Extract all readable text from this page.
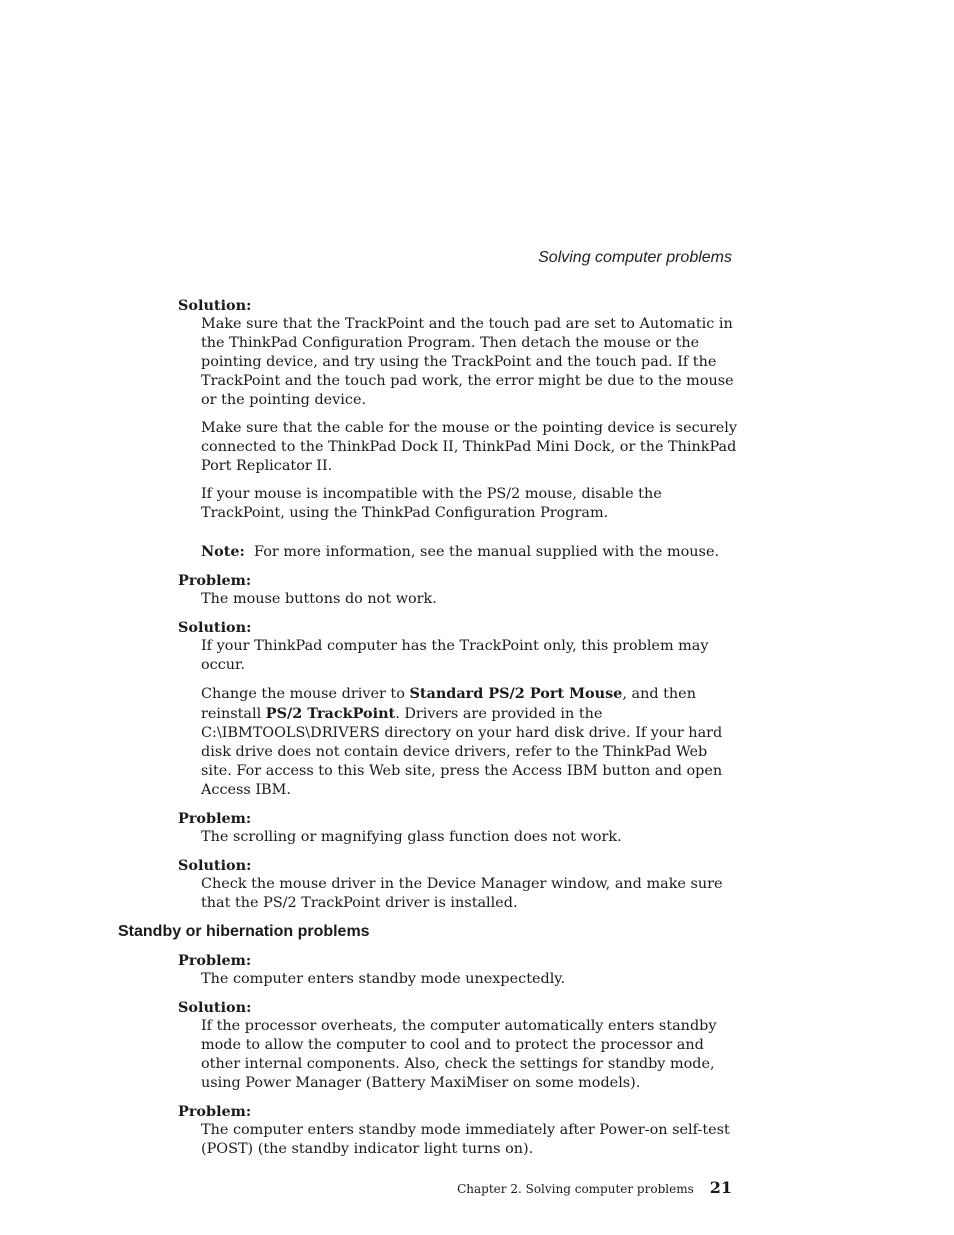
Solving computer problems

Solution:

Make sure that the TrackPoint and the touch pad are set to Automatic in the ThinkPad Configuration Program. Then detach the mouse or the pointing device, and try using the TrackPoint and the touch pad. If the TrackPoint and the touch pad work, the error might be due to the mouse or the pointing device.

Make sure that the cable for the mouse or the pointing device is securely connected to the ThinkPad Dock II, ThinkPad Mini Dock, or the ThinkPad Port Replicator II.

If your mouse is incompatible with the PS/2 mouse, disable the TrackPoint, using the ThinkPad Configuration Program.

Note: For more information, see the manual supplied with the mouse.

Problem:

The mouse buttons do not work.

Solution:

If your ThinkPad computer has the TrackPoint only, this problem may occur.

Change the mouse driver to Standard PS/2 Port Mouse, and then reinstall PS/2 TrackPoint. Drivers are provided in the C:\IBMTOOLS\DRIVERS directory on your hard disk drive. If your hard disk drive does not contain device drivers, refer to the ThinkPad Web site. For access to this Web site, press the Access IBM button and open Access IBM.

Problem:

The scrolling or magnifying glass function does not work.

Solution:

Check the mouse driver in the Device Manager window, and make sure that the PS/2 TrackPoint driver is installed.

Standby or hibernation problems

Problem:

The computer enters standby mode unexpectedly.

Solution:

If the processor overheats, the computer automatically enters standby mode to allow the computer to cool and to protect the processor and other internal components. Also, check the settings for standby mode, using Power Manager (Battery MaxiMiser on some models).

Problem:

The computer enters standby mode immediately after Power-on self-test (POST) (the standby indicator light turns on).

Chapter 2. Solving computer problems 21
